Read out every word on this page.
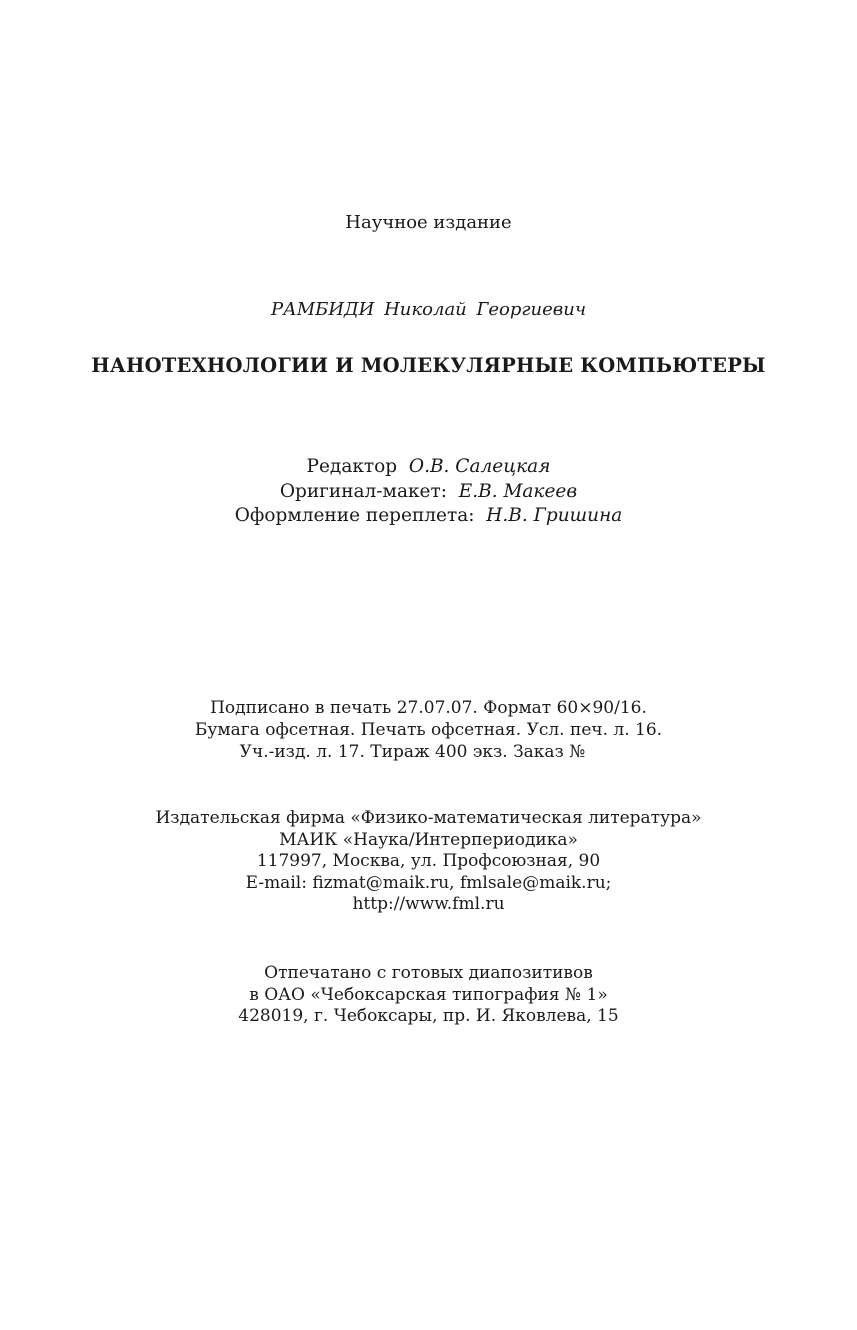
Научное издание
РАМБИДИ Николай Георгиевич
НАНОТЕХНОЛОГИИ И МОЛЕКУЛЯРНЫЕ КОМПЬЮТЕРЫ
Редактор О.В. Салецкая
Оригинал-макет: Е.В. Макеев
Оформление переплета: Н.В. Гришина
Подписано в печать 27.07.07. Формат 60×90/16.
Бумага офсетная. Печать офсетная. Усл. печ. л. 16.
Уч.-изд. л. 17. Тираж 400 экз. Заказ №
Издательская фирма «Физико-математическая литература»
МАИК «Наука/Интерпериодика»
117997, Москва, ул. Профсоюзная, 90
E-mail: fizmat@maik.ru, fmlsale@maik.ru;
http://www.fml.ru
Отпечатано с готовых диапозитивов
в ОАО «Чебоксарская типография № 1»
428019, г. Чебоксары, пр. И. Яковлева, 15
